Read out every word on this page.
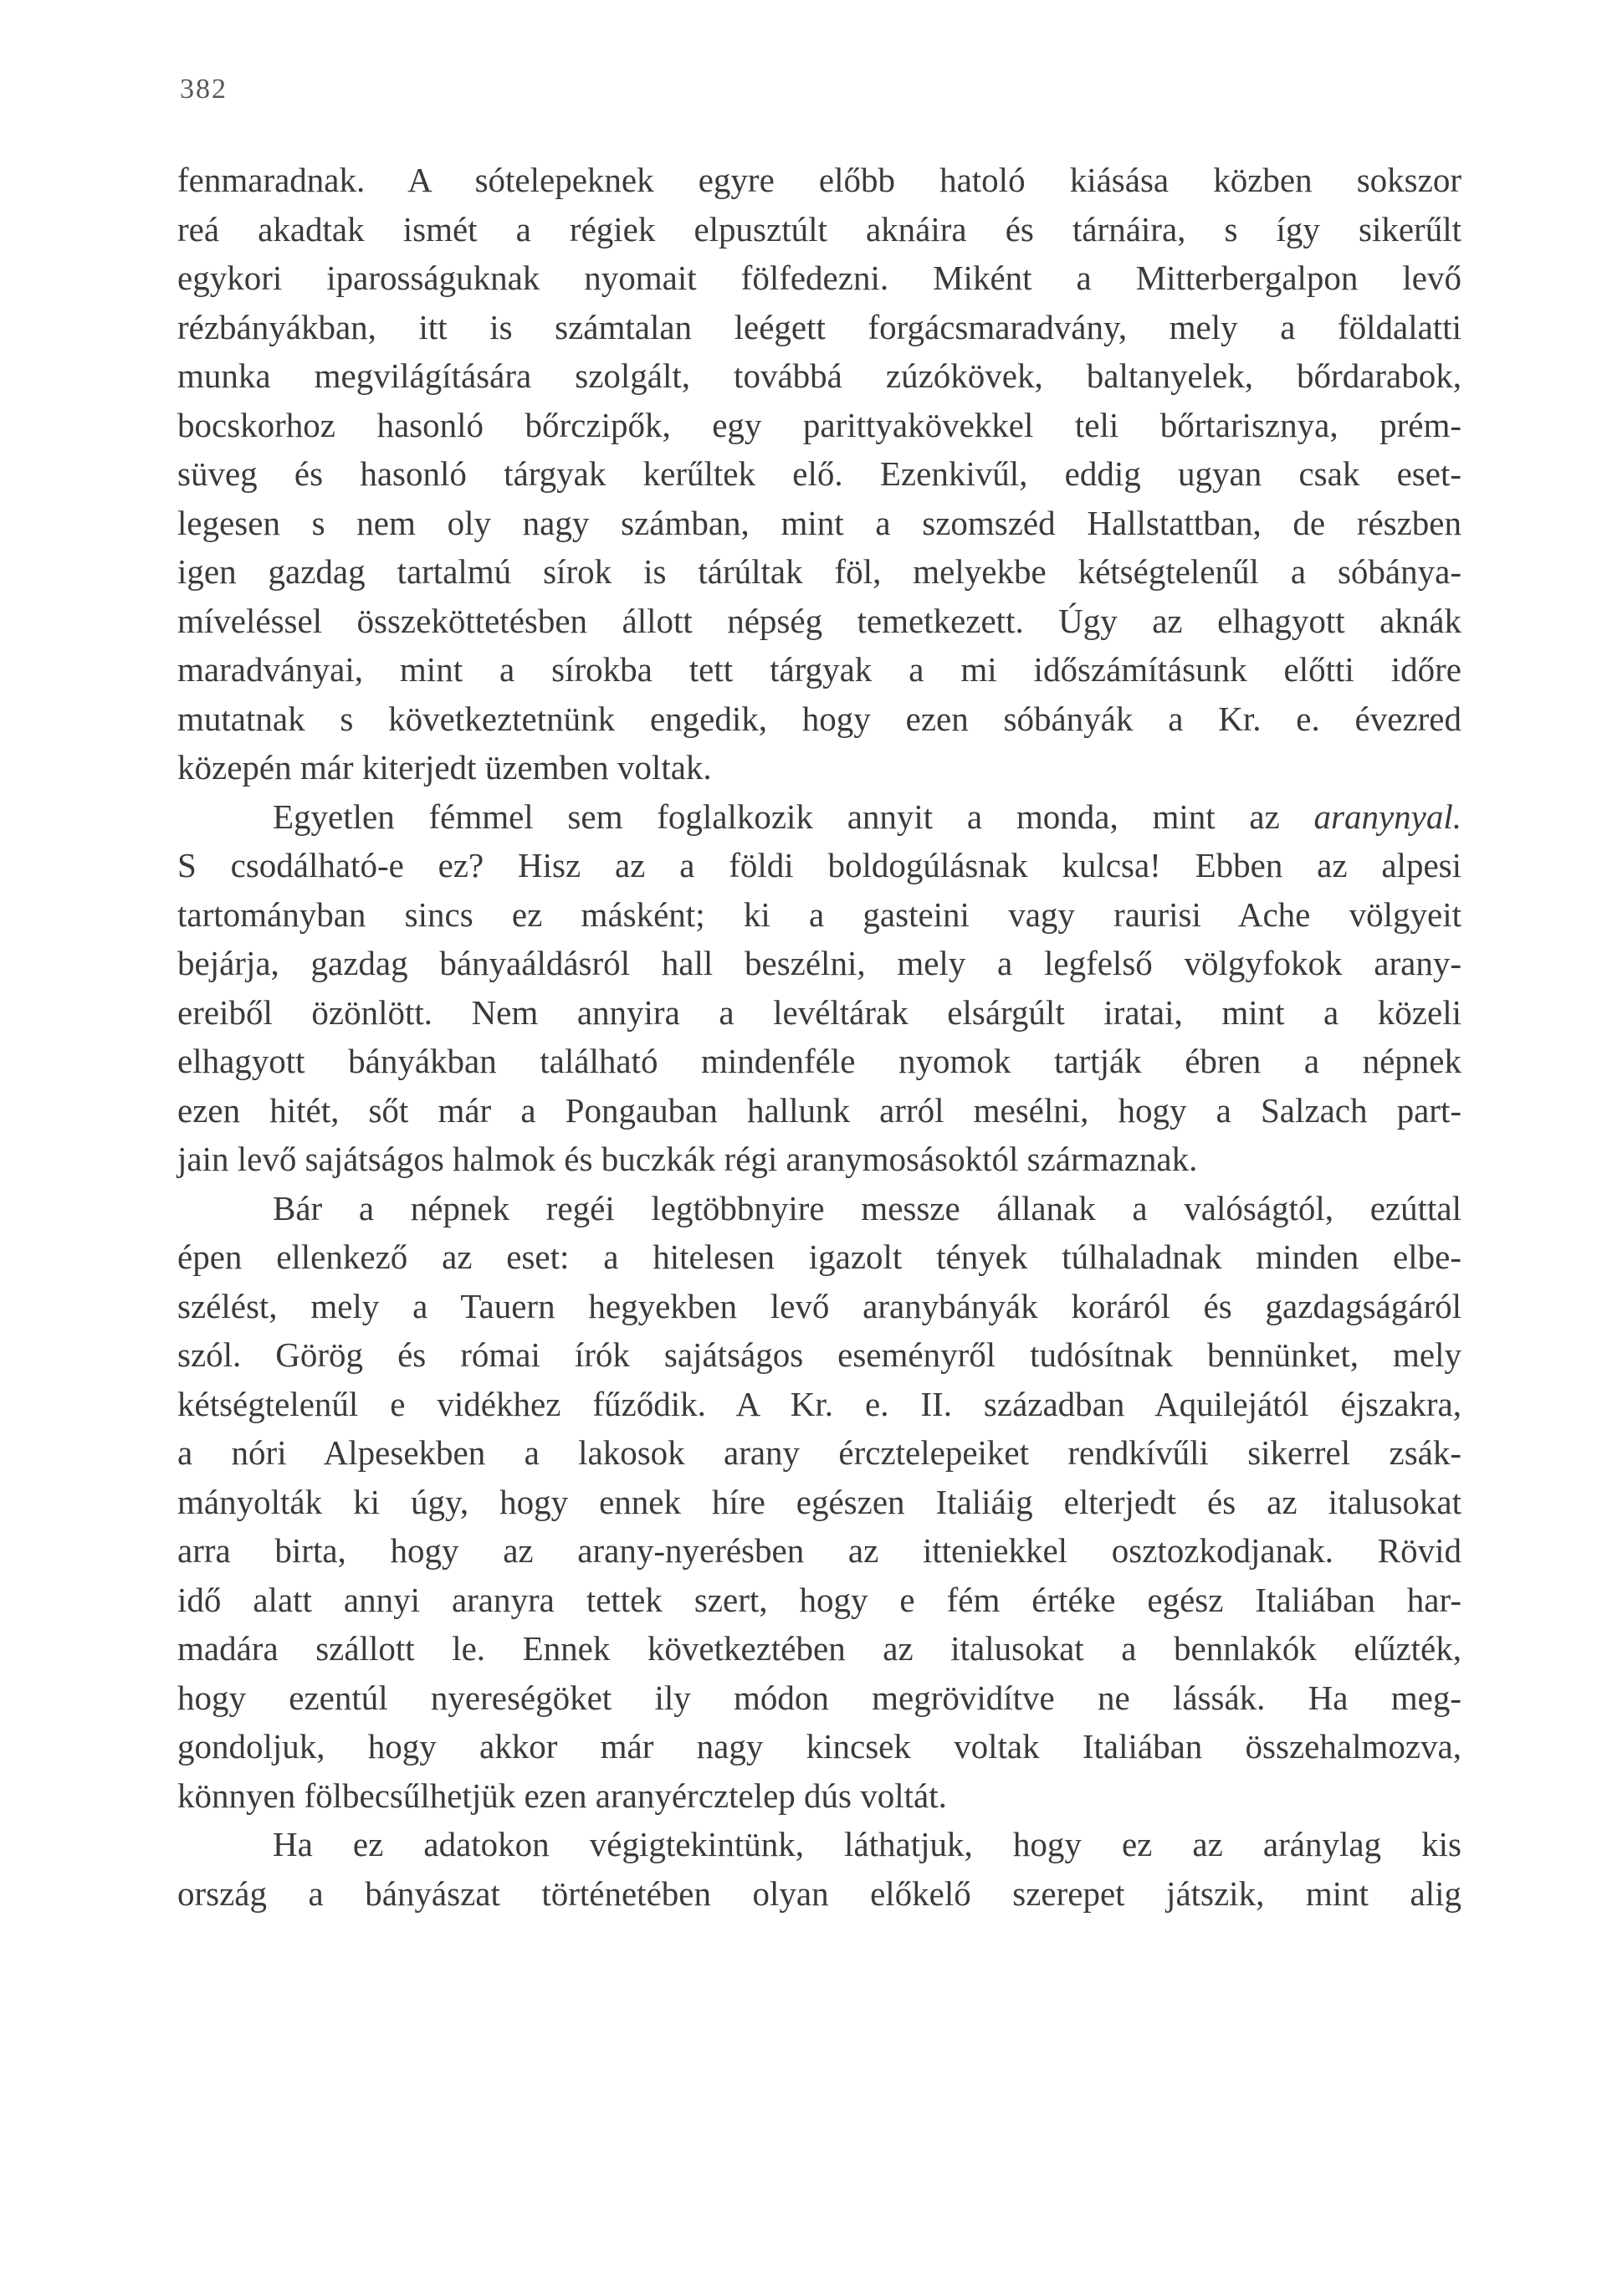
382
fenmaradnak. A sótelepeknek egyre előbb hatoló kiásása közben sokszor
reá akadtak ismét a régiek elpusztúlt aknáira és tárnáira, s így sikerűlt
egykori iparosságuknak nyomait fölfedezni. Miként a Mitterbergalpon levő
rézbányákban, itt is számtalan leégett forgácsmaradvány, mely a földalatti
munka megvilágítására szolgált, továbbá zúzókövek, baltanyelek, bőrdarabok,
bocskorhoz hasonló bőrczipők, egy parittyakövekkel teli bőrtarisznya, prém-
süveg és hasonló tárgyak kerűltek elő. Ezenkivűl, eddig ugyan csak eset-
legesen s nem oly nagy számban, mint a szomszéd Hallstattban, de részben
igen gazdag tartalmú sírok is tárúltak föl, melyekbe kétségtelenűl a sóbánya-
míveléssel összeköttetésben állott népség temetkezett. Úgy az elhagyott aknák
maradványai, mint a sírokba tett tárgyak a mi időszámításunk előtti időre
mutatnak s következtetnünk engedik, hogy ezen sóbányák a Kr. e. évezred
közepén már kiterjedt üzemben voltak.
Egyetlen fémmel sem foglalkozik annyit a monda, mint az aranynyal.
S csodálható-e ez? Hisz az a földi boldogúlásnak kulcsa! Ebben az alpesi
tartományban sincs ez másként; ki a gasteini vagy raurisi Ache völgyeit
bejárja, gazdag bányaáldásról hall beszélni, mely a legfelső völgyfokok arany-
ereiből özönlött. Nem annyira a levéltárak elsárgúlt iratai, mint a közeli
elhagyott bányákban található mindenféle nyomok tartják ébren a népnek
ezen hitét, sőt már a Pongauban hallunk arról mesélni, hogy a Salzach part-
jain levő sajátságos halmok és buczkák régi aranymosásoktól származnak.
Bár a népnek regéi legtöbbnyire messze állanak a valóságtól, ezúttal
épen ellenkező az eset: a hitelesen igazolt tények túlhaladnak minden elbe-
szélést, mely a Tauern hegyekben levő aranybányák koráról és gazdagságáról
szól. Görög és római írók sajátságos eseményről tudósítnak bennünket, mely
kétségtelenűl e vidékhez fűződik. A Kr. e. II. században Aquilejától éjszakra,
a nóri Alpesekben a lakosok arany érczteleрeiket rendkívűli sikerrel zsák-
mányolták ki úgy, hogy ennek híre egészen Italiáig elterjedt és az italusokat
arra birta, hogy az arany-nyerésben az itteniekkel osztozkodjanak. Rövid
idő alatt annyi aranyra tettek szert, hogy e fém értéke egész Italiában har-
madára szállott le. Ennek következtében az italusokat a bennlakók elűzték,
hogy ezentúl nyereségöket ily módon megrövidítve ne lássák. Ha meg-
gondoljuk, hogy akkor már nagy kincsek voltak Italiában összehalmozva,
könnyen fölbecsűlhetjük ezen aranyércztelep dús voltát.
Ha ez adatokon végigtekintünk, láthatjuk, hogy ez az aránylag kis
ország a bányászat történetében olyan előkelő szerepet játszik, mint alig
